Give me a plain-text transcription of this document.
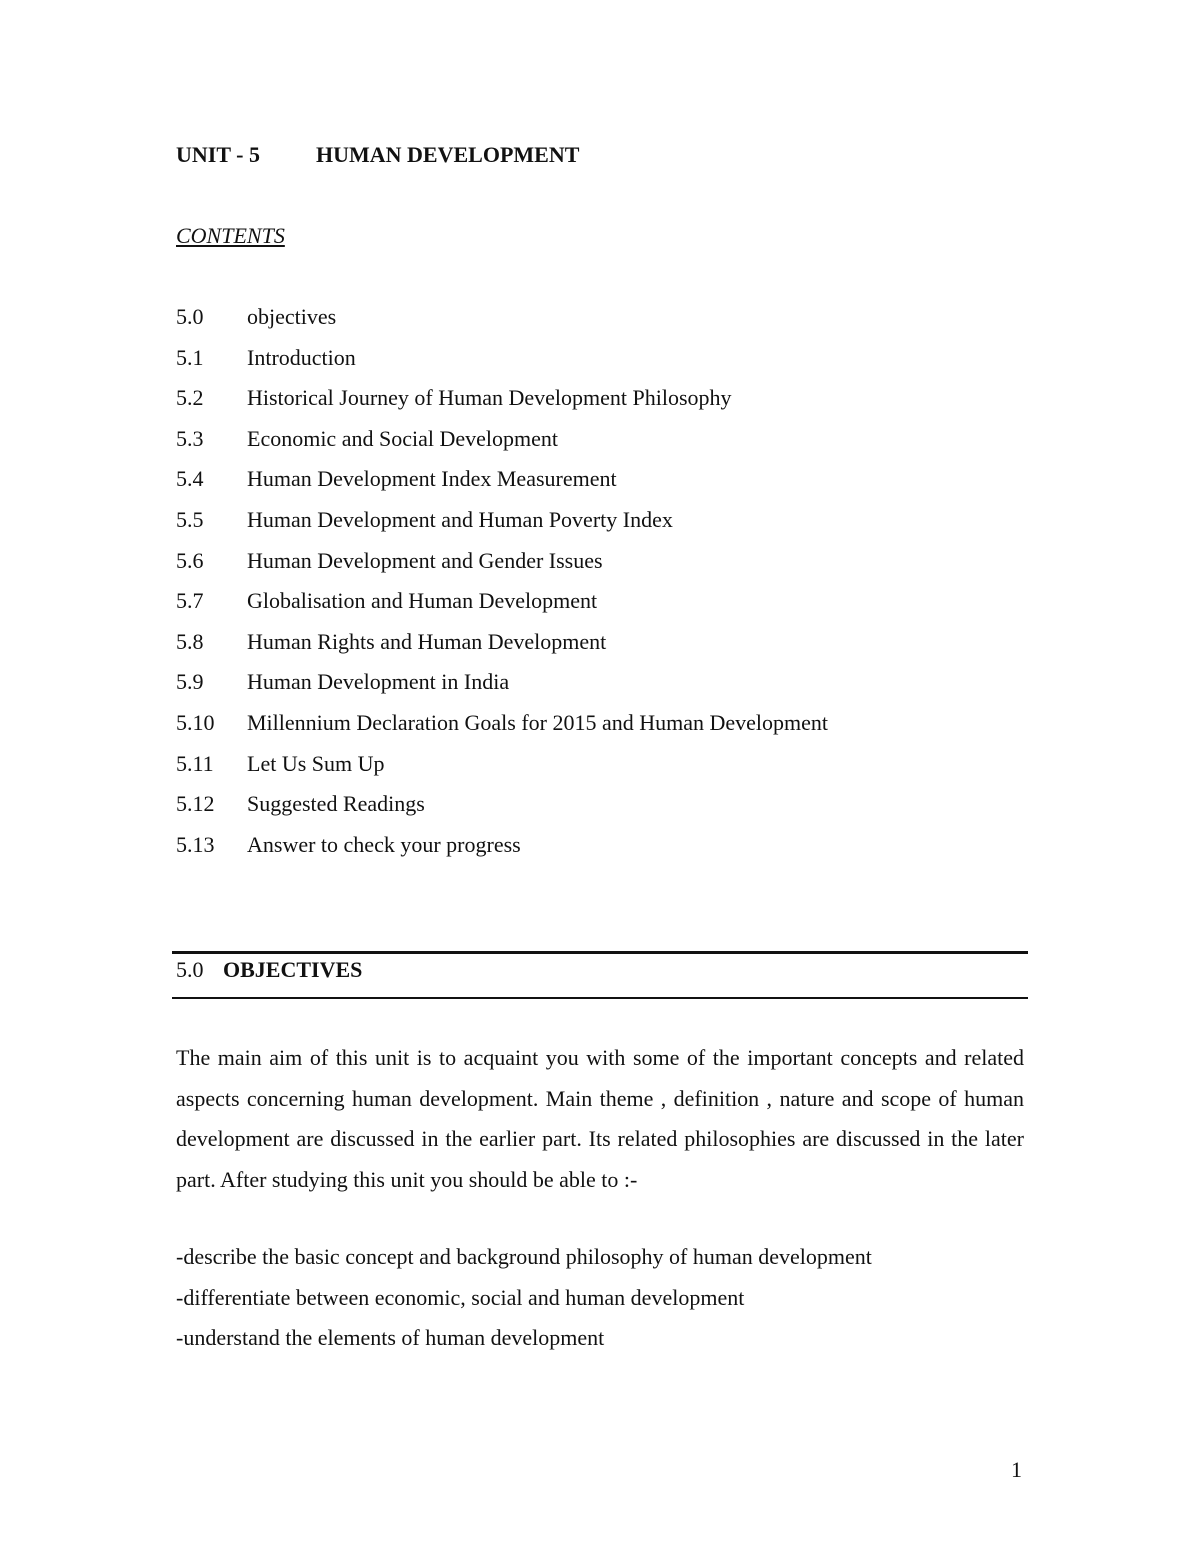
UNIT - 5	HUMAN DEVELOPMENT
CONTENTS
5.0	objectives
5.1	Introduction
5.2	Historical Journey of Human Development Philosophy
5.3	Economic and Social Development
5.4	Human Development Index Measurement
5.5	Human Development and Human Poverty Index
5.6	Human Development and Gender Issues
5.7	Globalisation and Human Development
5.8	Human Rights and Human Development
5.9	Human Development in India
5.10	Millennium Declaration Goals for 2015 and Human Development
5.11	Let Us Sum Up
5.12	Suggested Readings
5.13	Answer to check your progress
5.0 OBJECTIVES

The main aim of this unit is to acquaint you with some of the important concepts and related aspects concerning human development. Main theme , definition , nature and scope of human development are discussed in the earlier part. Its related philosophies are discussed in the later part. After studying this unit you should be able to :-

-describe the basic concept and background philosophy of human development
-differentiate between economic, social and human development
-understand the elements of human development
1
